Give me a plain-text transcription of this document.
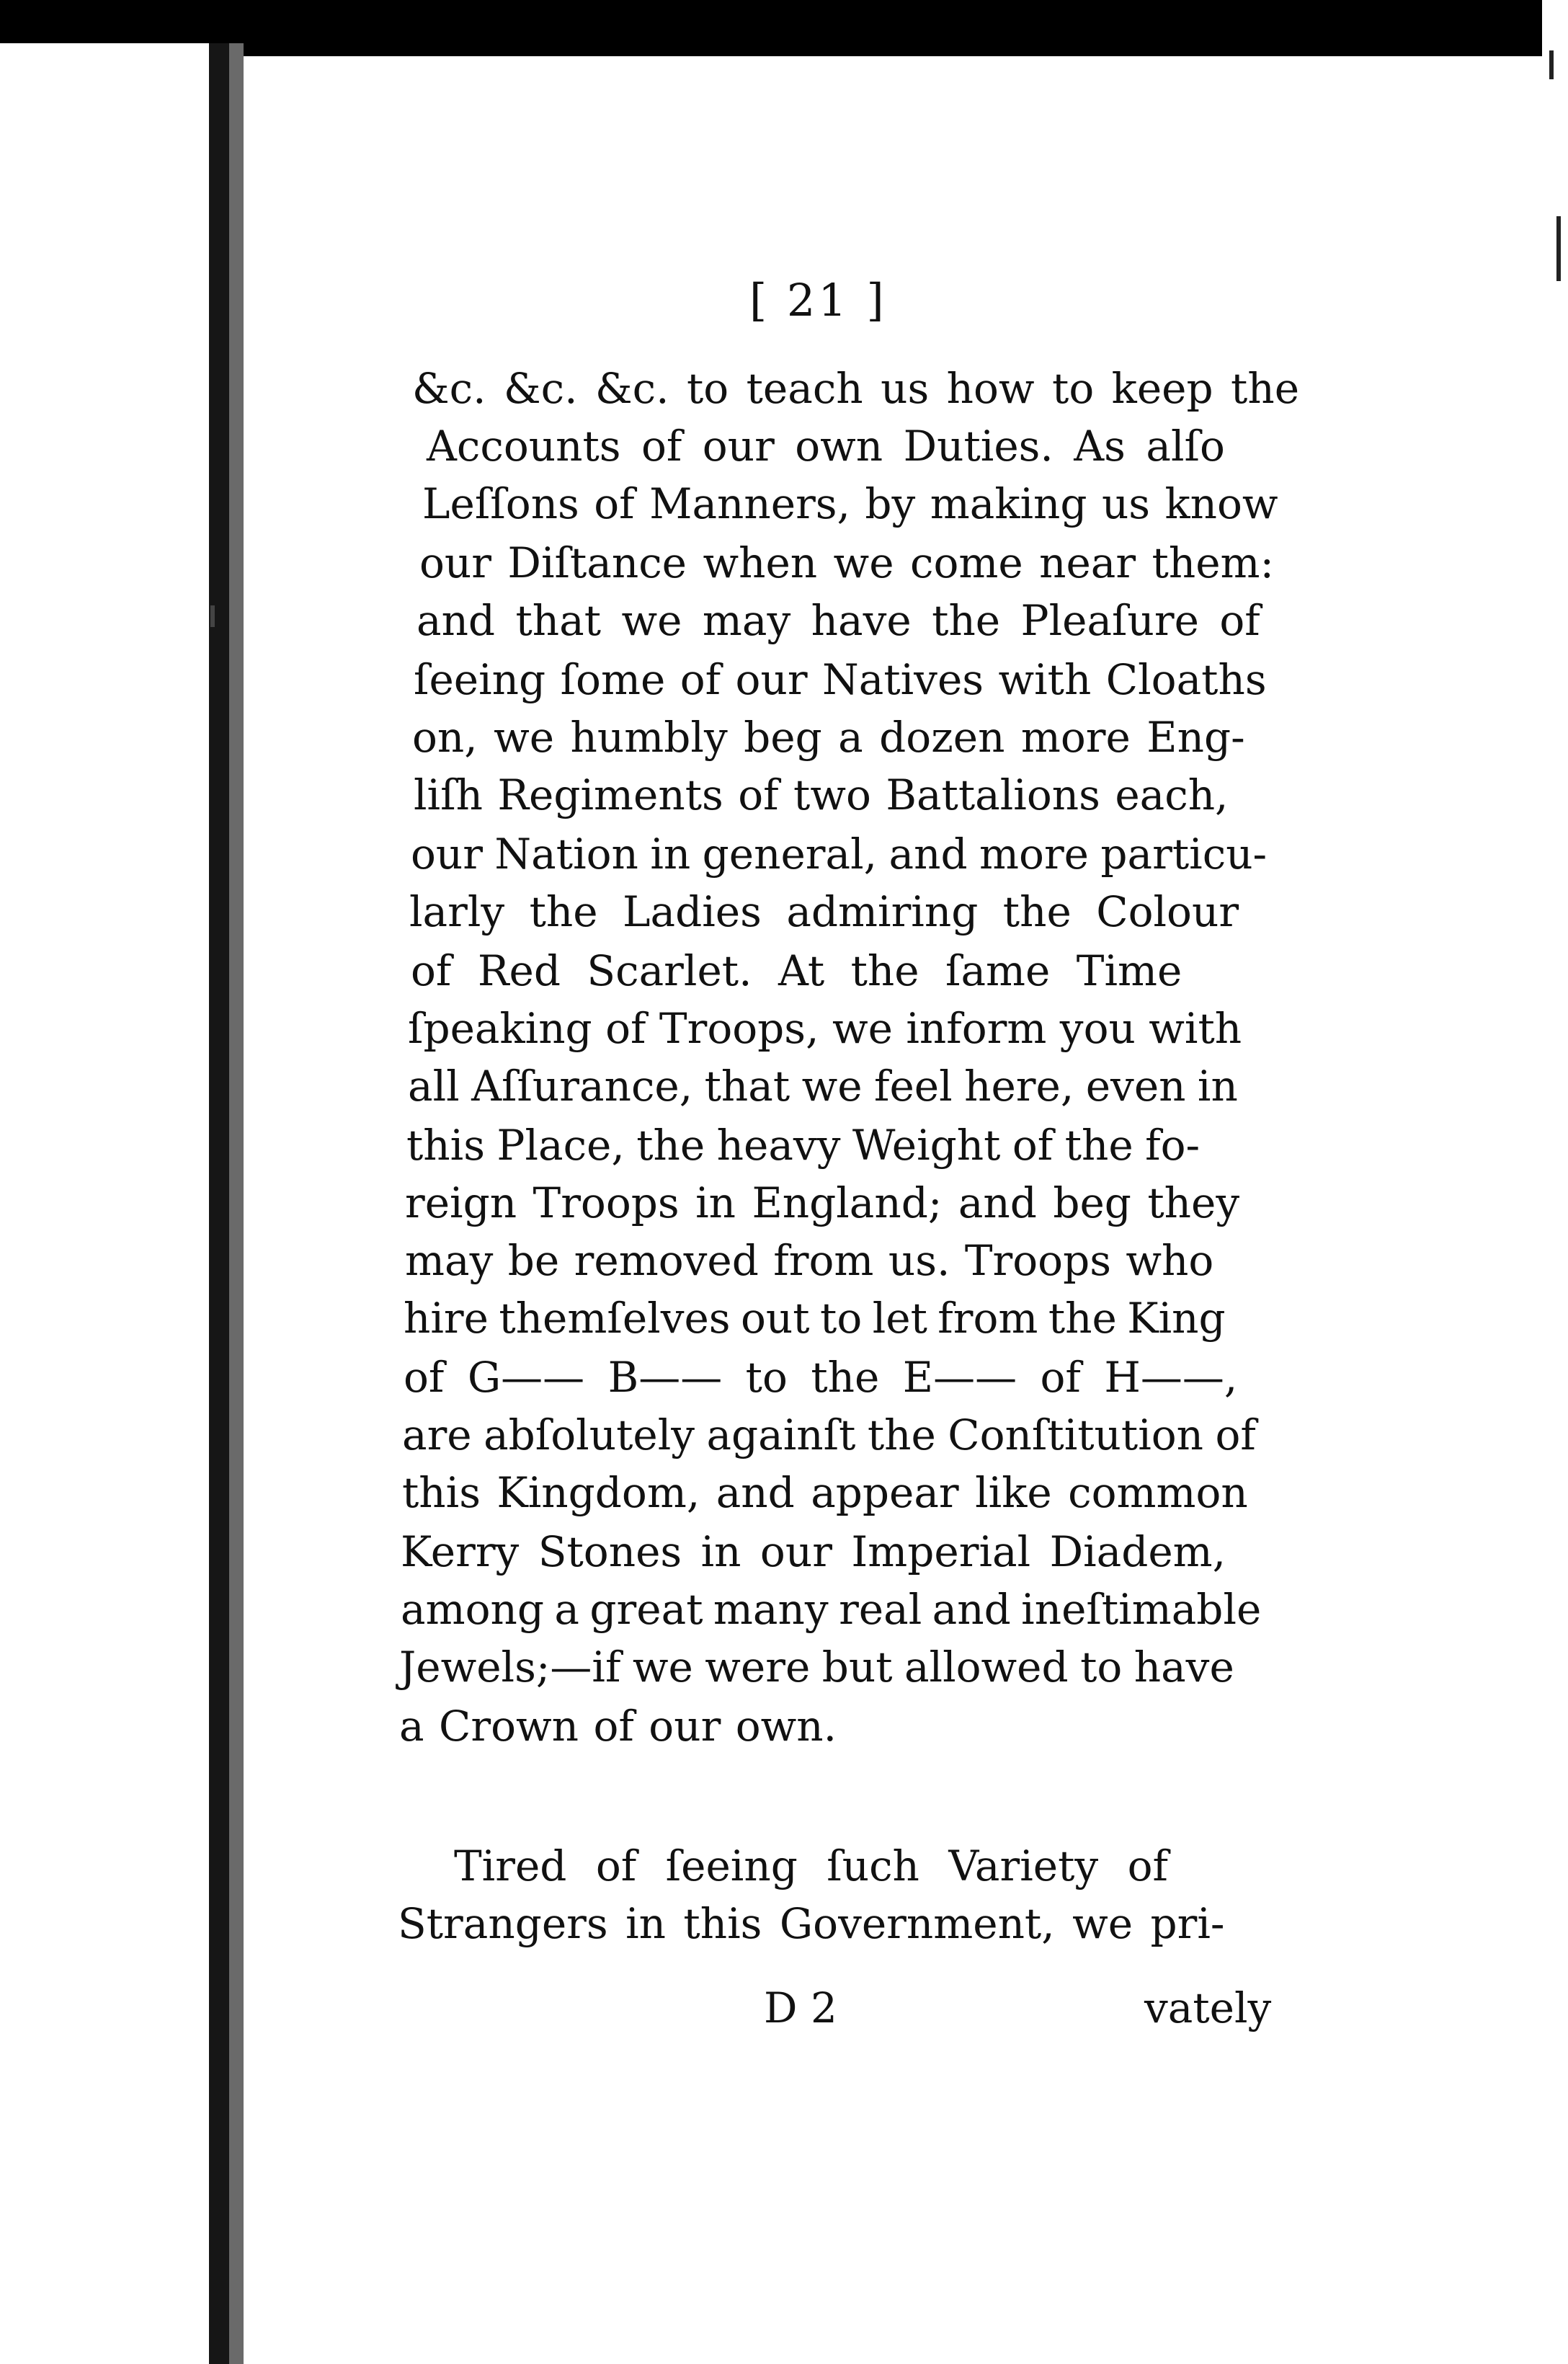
[ 21 ]
&c. &c. &c. to teach us how to keep the
Accounts of our own Duties. As alſo
Leſſons of Manners, by making us know
our Diſtance when we come near them:
and that we may have the Pleaſure of
ſeeing ſome of our Natives with Cloaths
on, we humbly beg a dozen more Eng-
liſh Regiments of two Battalions each,
our Nation in general, and more particu-
larly the Ladies admiring the Colour
of Red Scarlet. At the ſame Time
ſpeaking of Troops, we inform you with
all Aſſurance, that we feel here, even in
this Place, the heavy Weight of the fo-
reign Troops in England; and beg they
may be removed from us. Troops who
hire themſelves out to let from the King
of G—— B—— to the E—— of H——,
are abſolutely againſt the Conſtitution of
this Kingdom, and appear like common
Kerry Stones in our Imperial Diadem,
among a great many real and ineſtimable
Jewels;—if we were but allowed to have
a Crown of our own.
Tired of ſeeing ſuch Variety of
Strangers in this Government, we pri-
D 2	vately
